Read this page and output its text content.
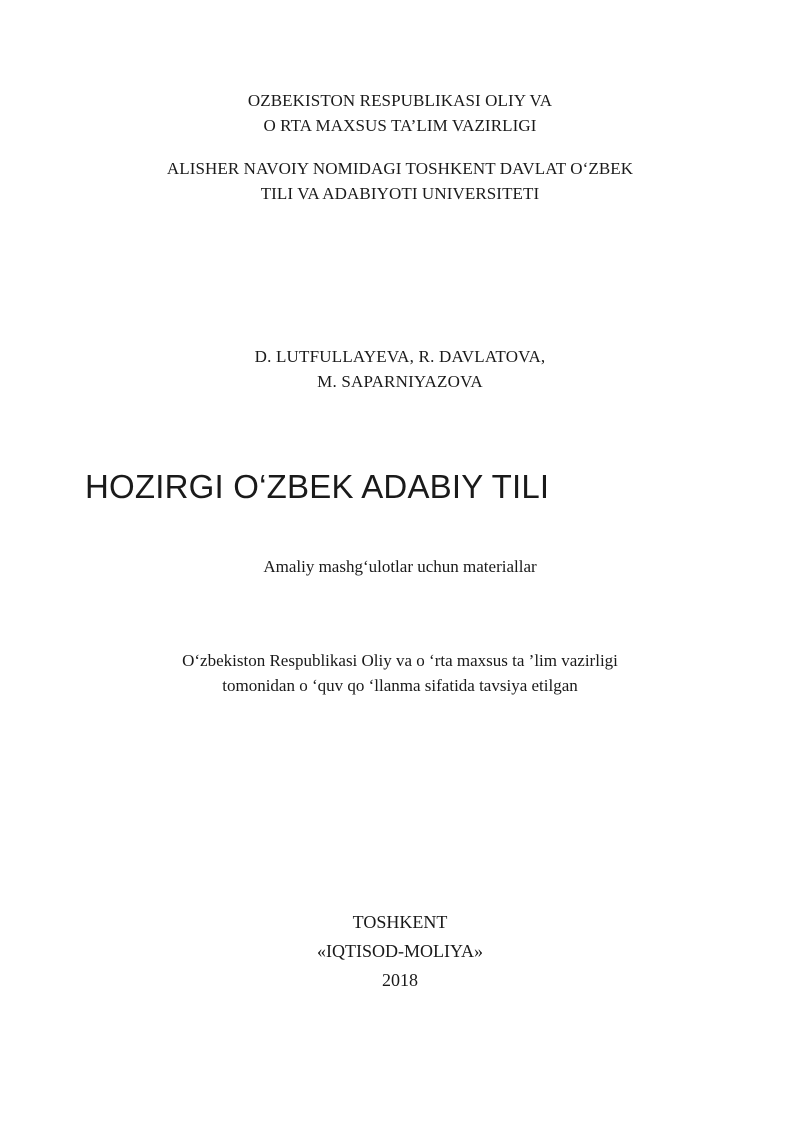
OZBEKISTON RESPUBLIKASI OLIY VA
O RTA MAXSUS TA’LIM VAZIRLIGI
ALISHER NAVOIY NOMIDAGI TOSHKENT DAVLAT O‘ZBEK
TILI VA ADABIYOTI UNIVERSITETI
D. LUTFULLAYEVA, R. DAVLATOVA,
M. SAPARNIYAZOVA
HOZIRGI O‘ZBEK ADABIY TILI
Amaliy mashg‘ulotlar uchun materiallar
O‘zbekiston Respublikasi Oliy va o ‘rta maxsus ta ’lim vazirligi
tomonidan o ‘quv qo ‘llanma sifatida tavsiya etilgan
TOSHKENT
«IQTISOD-MOLIYA»
2018
